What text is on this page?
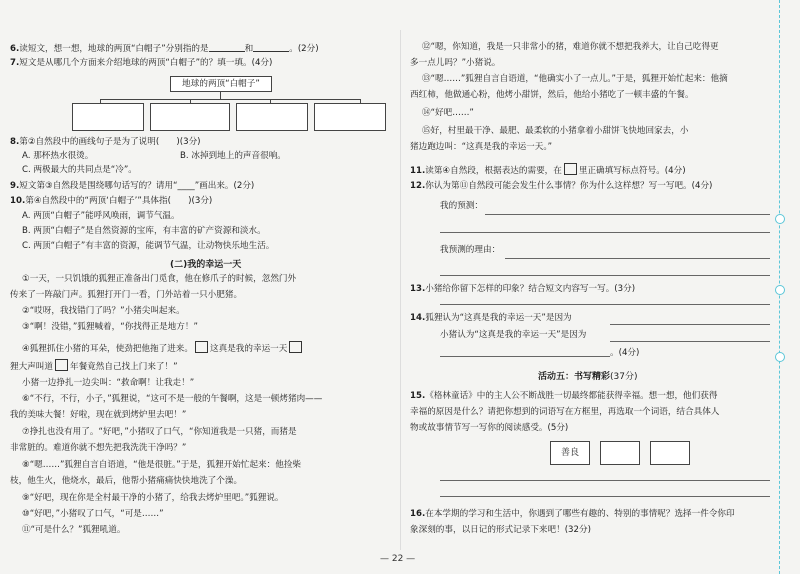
6.读短文，想一想，地球的两顶“白帽子”分别指的是	和	。(2分)
7.短文是从哪几个方面来介绍地球的两顶“白帽子”的？填一填。(4分)
地球的两顶“白帽子”
8.第②自然段中的画线句子是为了说明(　　)(3分)
A. 那杯热水很烫。	B. 冰掉到地上的声音很响。
C. 两极最大的共同点是“冷”。
9.短文第③自然段是围绕哪句话写的？请用“____”画出来。(2分)
10.第④自然段中的“两顶‘白帽子’”具体指(　　)(3分)
A. 两顶“白帽子”能呼风唤雨，调节气温。
B. 两顶“白帽子”是自然资源的宝库，有丰富的矿产资源和淡水。
C. 两顶“白帽子”有丰富的资源，能调节气温，让动物快乐地生活。
(二)我的幸运一天
①一天，一只饥饿的狐狸正准备出门觅食，他在修爪子的时候，忽然门外
传来了一阵敲门声。狐狸打开门一看，门外站着一只小肥猪。
②“哎呀，我找错门了吗？”小猪尖叫起来。
③“啊！没错，”狐狸喊着，“你找得正是地方！”
④狐狸抓住小猪的耳朵，使劲把他拖了进来。 这真是我的幸运一天
狸大声叫道 年餐竟然自己找上门来了！”
小猪一边挣扎一边尖叫：“救命啊！让我走！”
⑥“不行，不行，小子，”狐狸说，“这可不是一般的午餐啊，这是一顿烤猪肉——
我的美味大餐！好啦，现在就到烤炉里去吧！”
⑦挣扎也没有用了。“好吧，”小猪叹了口气，“你知道我是一只猪，而猪是
非常脏的。难道你就不想先把我洗洗干净吗？”
⑧“嗯……”狐狸自言自语道，“他是很脏。”于是，狐狸开始忙起来：他捡柴
枝，他生火，他烧水，最后，他帮小猪痛痛快快地洗了个澡。
⑨“好吧，现在你是全村最干净的小猪了，给我去烤炉里吧。”狐狸说。
⑩“好吧，”小猪叹了口气，“可是……”
⑪“可是什么？”狐狸吼道。
⑫“嗯，你知道，我是一只非常小的猪，难道你就不想把我养大，让自己吃得更
多一点儿吗？”小猪说。
⑬“嗯……”狐狸自言自语道，“他确实小了一点儿。”于是，狐狸开始忙起来：他摘
西红柿，他做通心粉，他烤小甜饼，然后，他给小猪吃了一顿丰盛的午餐。
⑭“好吧……”
⑮好，村里最干净、最肥、最柔软的小猪拿着小甜饼飞快地回家去，小
猪边跑边叫：“这真是我的幸运一天。”
11.读第④自然段，根据表达的需要，在 里正确填写标点符号。(4分)
12.你认为第⑪自然段可能会发生什么事情？你为什么这样想？写一写吧。(4分)
我的预测：
我预测的理由：
13.小猪给你留下怎样的印象？结合短文内容写一写。(3分)
14.狐狸认为“这真是我的幸运一天”是因为
小猪认为“这真是我的幸运一天”是因为
。(4分)
活动五：书写精彩(37分)
15.《格林童话》中的主人公不断战胜一切最终都能获得幸福。想一想，他们获得
幸福的原因是什么？请把你想到的词语写在方框里，再选取一个词语，结合具体人
物或故事情节写一写你的阅读感受。(5分)
善良
16.在本学期的学习和生活中，你遇到了哪些有趣的、特别的事情呢？选择一件令你印
象深刻的事，以日记的形式记录下来吧！(32分)
— 22 —
